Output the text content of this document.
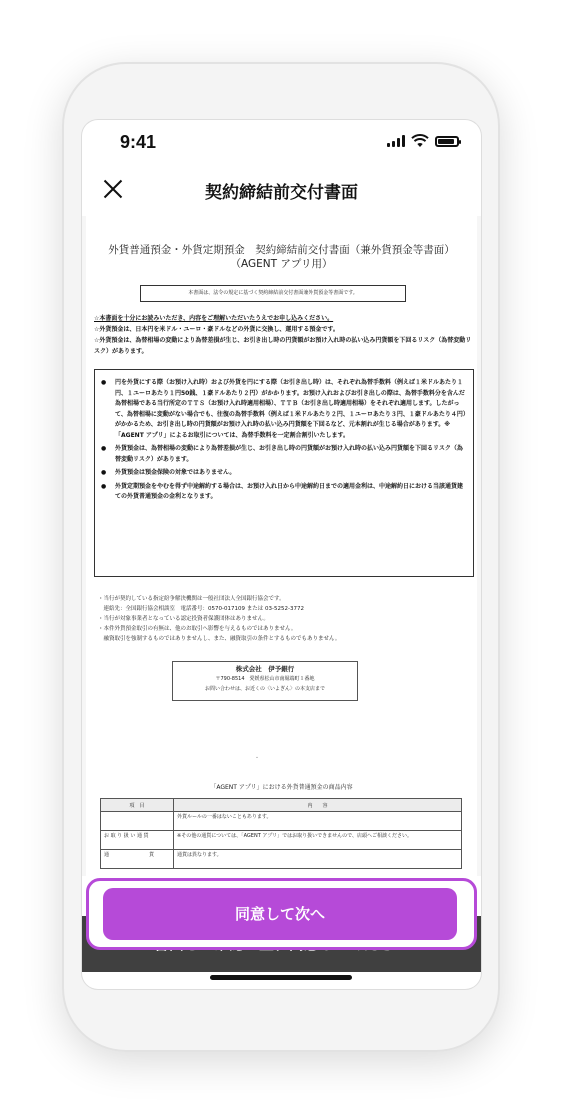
9:41
契約締結前交付書面
外貨普通預金・外貨定期預金　契約締結前交付書面（兼外貨預金等書面）
（AGENT アプリ用）
本書面は、法令の規定に基づく契約締結前交付書面兼外貨預金等書面です。

☆本書面を十分にお読みいただき、内容をご理解いただいたうえでお申し込みください。

☆外貨預金は、日本円を米ドル・ユーロ・豪ドルなどの外貨に交換し、運用する預金です。

☆外貨預金は、為替相場の変動により為替差損が生じ、お引き出し時の円貨額がお預け入れ時の払い込み円貨額を下回るリスク（為替変動リスク）があります。

● 円を外貨にする際（お預け入れ時）および外貨を円にする際（お引き出し時）は、それぞれ為替手数料（例えば１米ドルあたり１円、１ユーロあたり１円50銭、１豪ドルあたり２円）がかかります。お預け入れおよびお引き出しの際は、為替手数料分を含んだ為替相場である当行所定のＴＴＳ（お預け入れ時適用相場）、ＴＴＢ（お引き出し時適用相場）をそれぞれ適用します。したがって、為替相場に変動がない場合でも、往復の為替手数料（例えば１米ドルあたり２円、１ユーロあたり３円、１豪ドルあたり４円）がかかるため、お引き出し時の円貨額がお預け入れ時の払い込み円貨額を下回るなど、元本割れが生じる場合があります。※「AGENT アプリ」によるお取引については、為替手数料を一定割合割引いたします。
● 外貨預金は、為替相場の変動により為替差損が生じ、お引き出し時の円貨額がお預け入れ時の払い込み円貨額を下回るリスク（為替変動リスク）があります。
● 外貨預金は預金保険の対象ではありません。
● 外貨定期預金をやむを得ず中途解約する場合は、お預け入れ日から中途解約日までの適用金利は、中途解約日における当該通貨建ての外貨普通預金の金利となります。

・当行が契約している指定紛争解決機関は一般社団法人全国銀行協会です。

　連絡先：全国銀行協会相談室　電話番号：0570-017109 または 03-5252-3772

・当行が対象事業者となっている認定投資者保護団体はありません。

・本件外貨預金取引の有無は、他のお取引へ影響を与えるものではありません。

　融資取引を強制するものではありませんし、また、融資取引の条件とするものでもありません。

株式会社　伊予銀行
〒790-8514　愛媛県松山市南堀端町１番地
お問い合わせは、お近くの〈いよぎん〉の本支店まで
・
「AGENT アプリ」における外貨普通預金の商品内容
項　目	内　　容
	外貨ルールの一番はないこともあります。
お 取 り 扱 い 通 貨	※その他の通貨については、「AGENT アプリ」ではお取り扱いできませんので、店頭へご相談ください。
通　　　　　　　　貨	通貨は異なります。
同意して次へ
